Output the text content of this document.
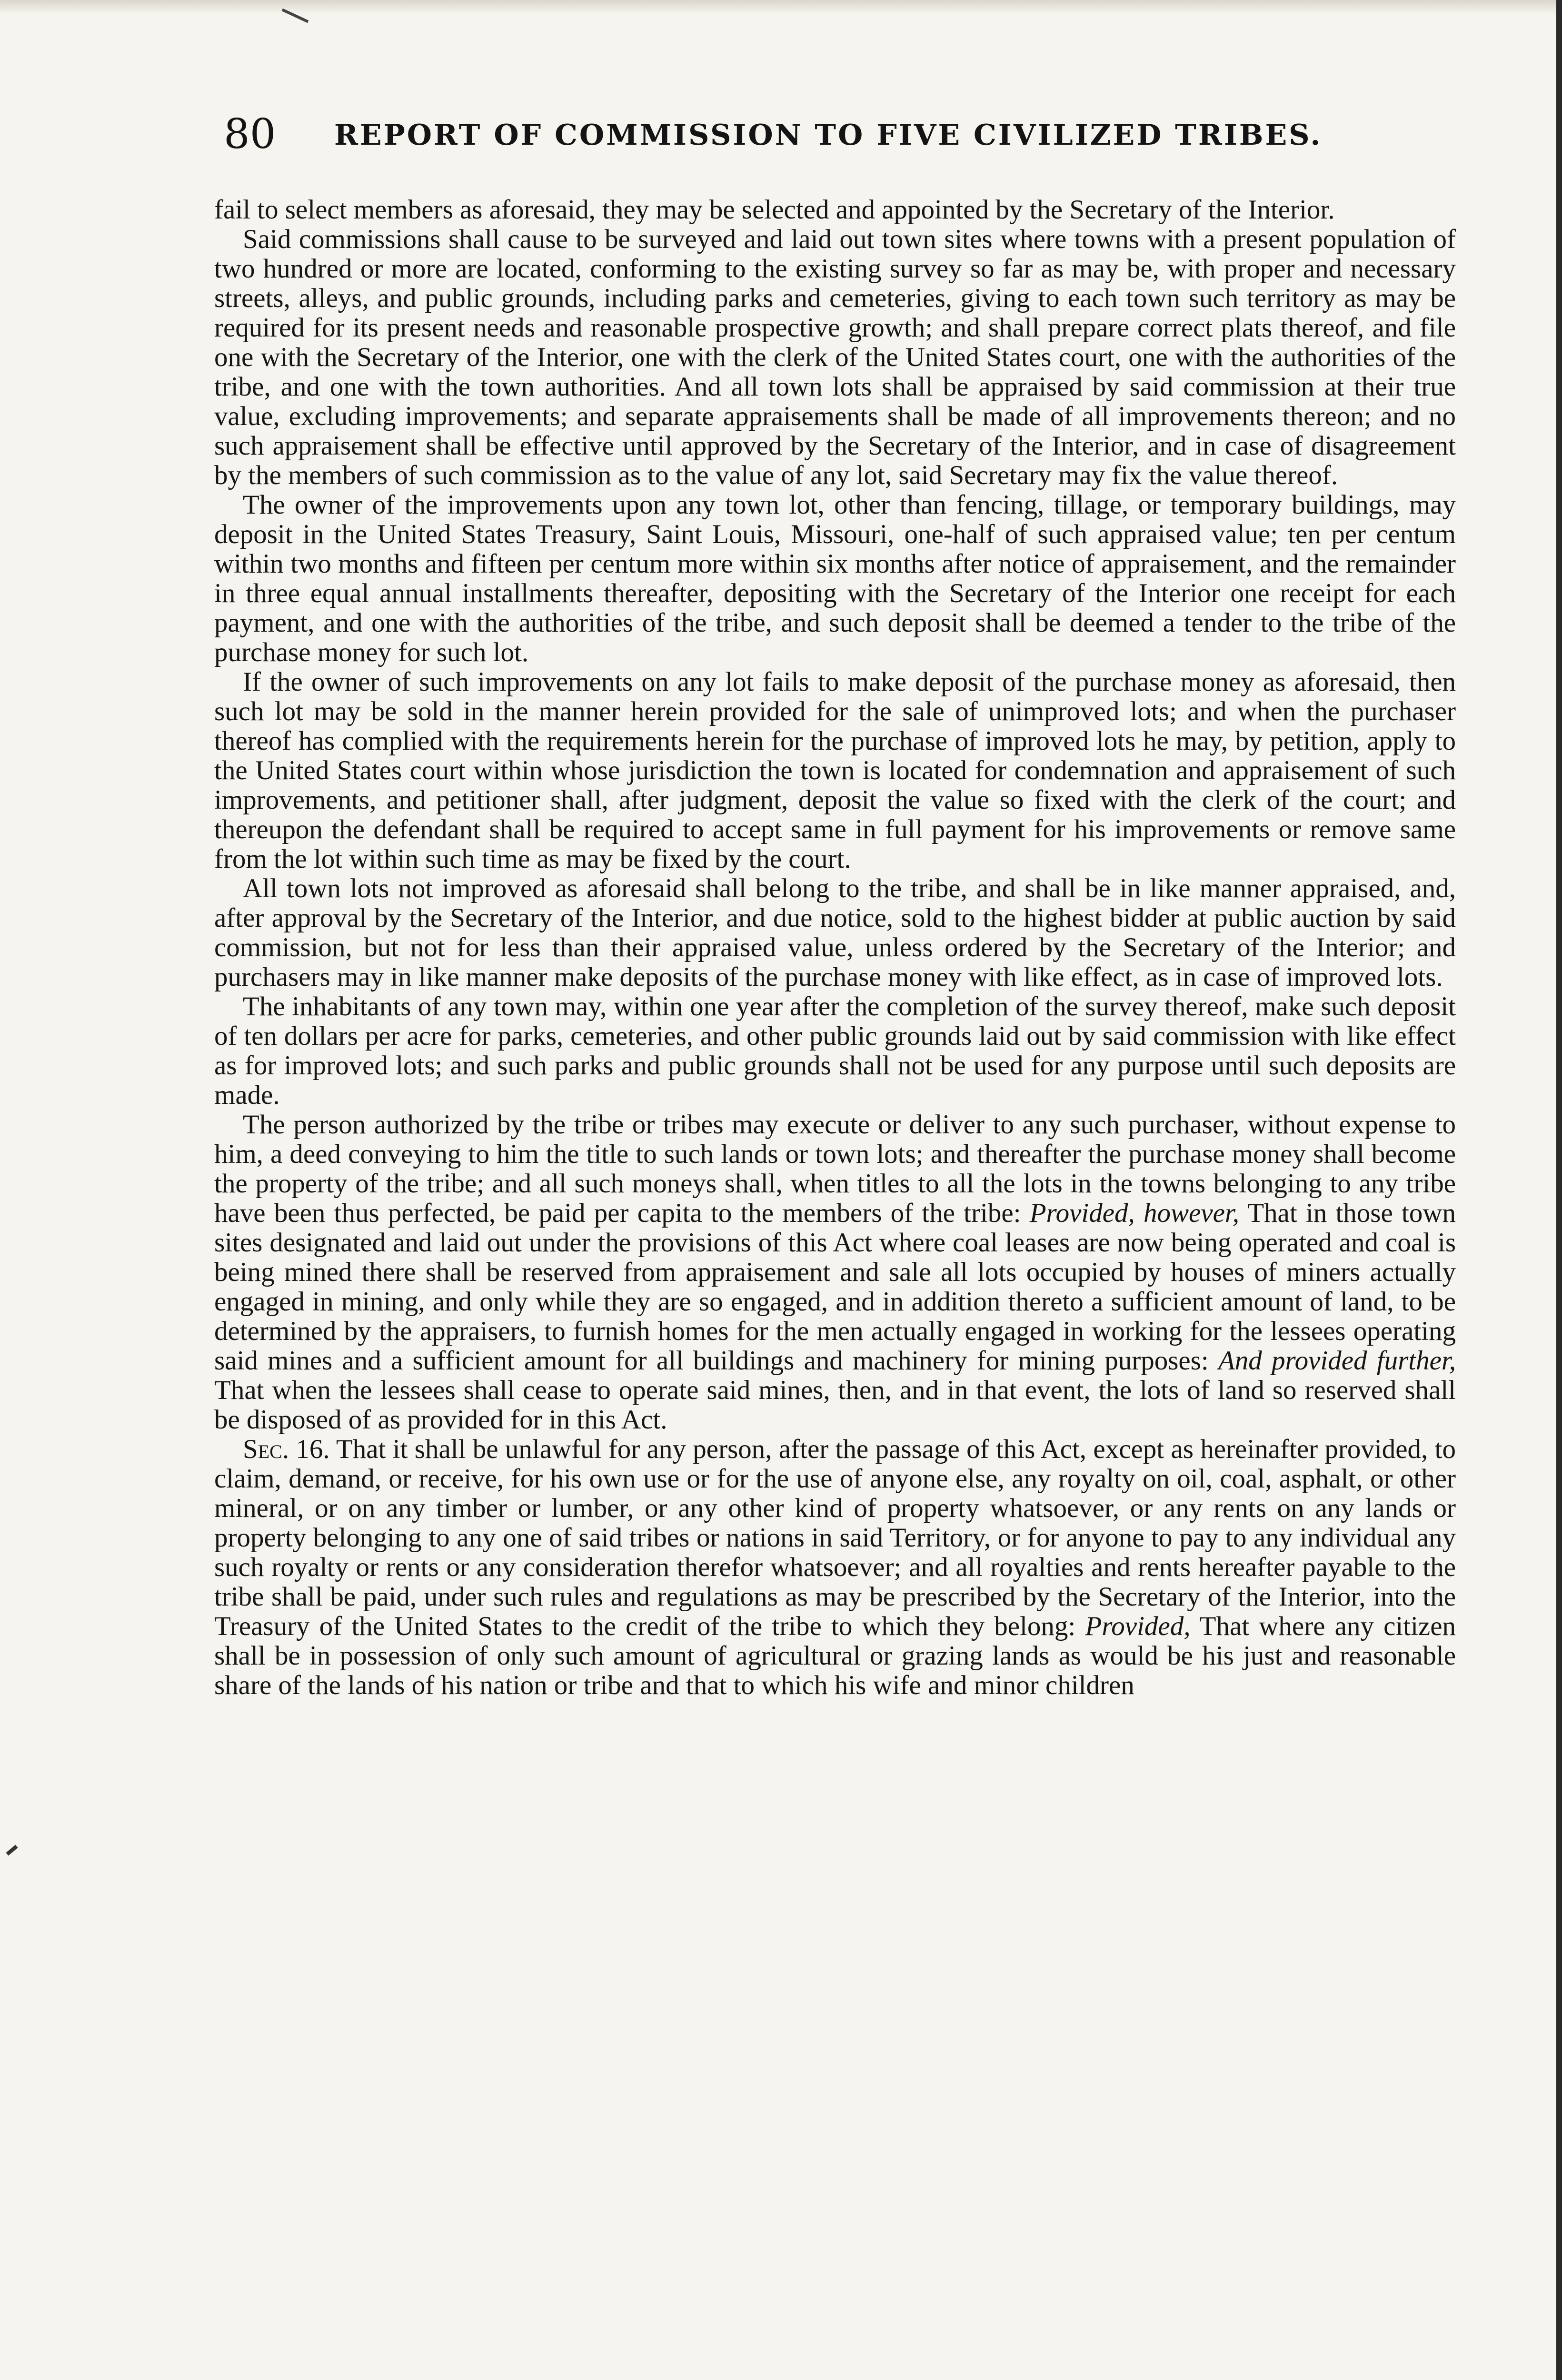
80 REPORT OF COMMISSION TO FIVE CIVILIZED TRIBES.

fail to select members as aforesaid, they may be selected and appointed by the Secretary of the Interior.

Said commissions shall cause to be surveyed and laid out town sites where towns with a present population of two hundred or more are located, conforming to the existing survey so far as may be, with proper and necessary streets, alleys, and public grounds, including parks and cemeteries, giving to each town such territory as may be required for its present needs and reasonable prospective growth; and shall prepare correct plats thereof, and file one with the Secretary of the Interior, one with the clerk of the United States court, one with the authorities of the tribe, and one with the town authorities. And all town lots shall be appraised by said commission at their true value, excluding improvements; and separate appraisements shall be made of all improvements thereon; and no such appraisement shall be effective until approved by the Secretary of the Interior, and in case of disagreement by the members of such commission as to the value of any lot, said Secretary may fix the value thereof.

The owner of the improvements upon any town lot, other than fencing, tillage, or temporary buildings, may deposit in the United States Treasury, Saint Louis, Missouri, one-half of such appraised value; ten per centum within two months and fifteen per centum more within six months after notice of appraisement, and the remainder in three equal annual installments thereafter, depositing with the Secretary of the Interior one receipt for each payment, and one with the authorities of the tribe, and such deposit shall be deemed a tender to the tribe of the purchase money for such lot.

If the owner of such improvements on any lot fails to make deposit of the purchase money as aforesaid, then such lot may be sold in the manner herein provided for the sale of unimproved lots; and when the purchaser thereof has complied with the requirements herein for the purchase of improved lots he may, by petition, apply to the United States court within whose jurisdiction the town is located for condemnation and appraisement of such improvements, and petitioner shall, after judgment, deposit the value so fixed with the clerk of the court; and thereupon the defendant shall be required to accept same in full payment for his improvements or remove same from the lot within such time as may be fixed by the court.

All town lots not improved as aforesaid shall belong to the tribe, and shall be in like manner appraised, and, after approval by the Secretary of the Interior, and due notice, sold to the highest bidder at public auction by said commission, but not for less than their appraised value, unless ordered by the Secretary of the Interior; and purchasers may in like manner make deposits of the purchase money with like effect, as in case of improved lots.

The inhabitants of any town may, within one year after the completion of the survey thereof, make such deposit of ten dollars per acre for parks, cemeteries, and other public grounds laid out by said commission with like effect as for improved lots; and such parks and public grounds shall not be used for any purpose until such deposits are made.

The person authorized by the tribe or tribes may execute or deliver to any such purchaser, without expense to him, a deed conveying to him the title to such lands or town lots; and thereafter the purchase money shall become the property of the tribe; and all such moneys shall, when titles to all the lots in the towns belonging to any tribe have been thus perfected, be paid per capita to the members of the tribe: Provided, however, That in those town sites designated and laid out under the provisions of this Act where coal leases are now being operated and coal is being mined there shall be reserved from appraisement and sale all lots occupied by houses of miners actually engaged in mining, and only while they are so engaged, and in addition thereto a sufficient amount of land, to be determined by the appraisers, to furnish homes for the men actually engaged in working for the lessees operating said mines and a sufficient amount for all buildings and machinery for mining purposes: And provided further, That when the lessees shall cease to operate said mines, then, and in that event, the lots of land so reserved shall be disposed of as provided for in this Act.

Sec. 16. That it shall be unlawful for any person, after the passage of this Act, except as hereinafter provided, to claim, demand, or receive, for his own use or for the use of anyone else, any royalty on oil, coal, asphalt, or other mineral, or on any timber or lumber, or any other kind of property whatsoever, or any rents on any lands or property belonging to any one of said tribes or nations in said Territory, or for anyone to pay to any individual any such royalty or rents or any consideration therefor whatsoever; and all royalties and rents hereafter payable to the tribe shall be paid, under such rules and regulations as may be prescribed by the Secretary of the Interior, into the Treasury of the United States to the credit of the tribe to which they belong: Provided, That where any citizen shall be in possession of only such amount of agricultural or grazing lands as would be his just and reasonable share of the lands of his nation or tribe and that to which his wife and minor children
